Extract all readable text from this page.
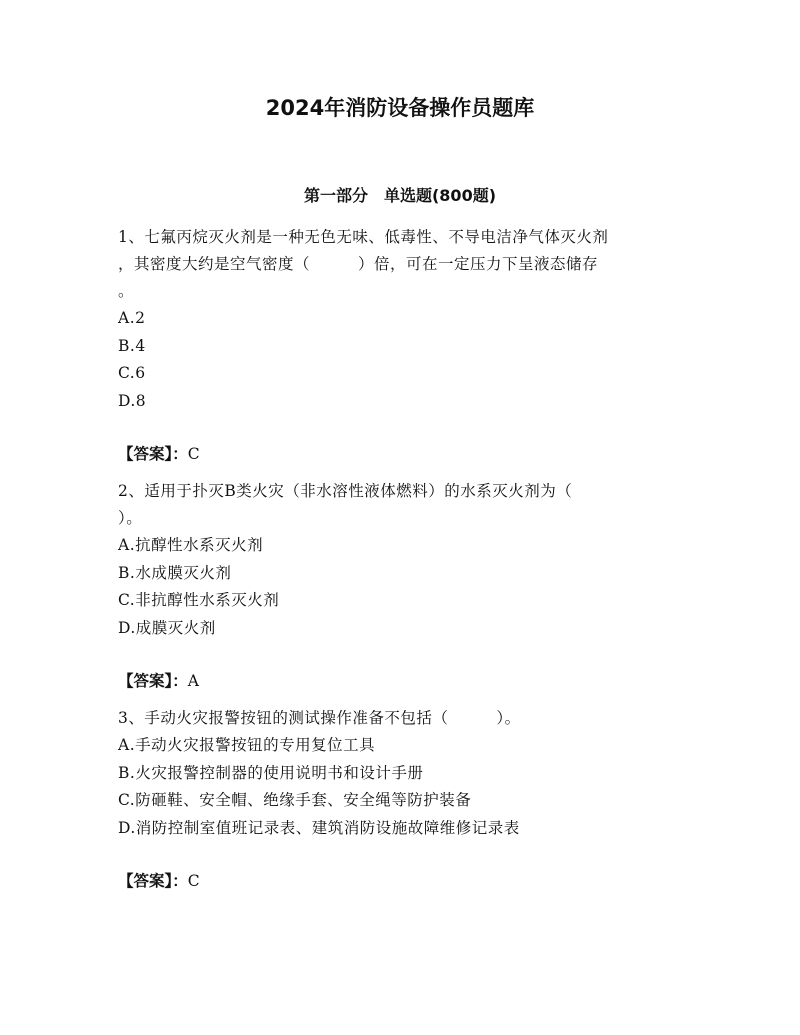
2024年消防设备操作员题库
第一部分　单选题(800题)

1、七氟丙烷灭火剂是一种无色无味、低毒性、不导电洁净气体灭火剂

，其密度大约是空气密度（　　　）倍，可在一定压力下呈液态储存

。

A.2

B.4

C.6

D.8

【答案】：C

2、适用于扑灭B类火灾（非水溶性液体燃料）的水系灭火剂为（

）。

A.抗醇性水系灭火剂

B.水成膜灭火剂

C.非抗醇性水系灭火剂

D.成膜灭火剂

【答案】：A

3、手动火灾报警按钮的测试操作准备不包括（　　　）。

A.手动火灾报警按钮的专用复位工具

B.火灾报警控制器的使用说明书和设计手册

C.防砸鞋、安全帽、绝缘手套、安全绳等防护装备

D.消防控制室值班记录表、建筑消防设施故障维修记录表

【答案】：C
